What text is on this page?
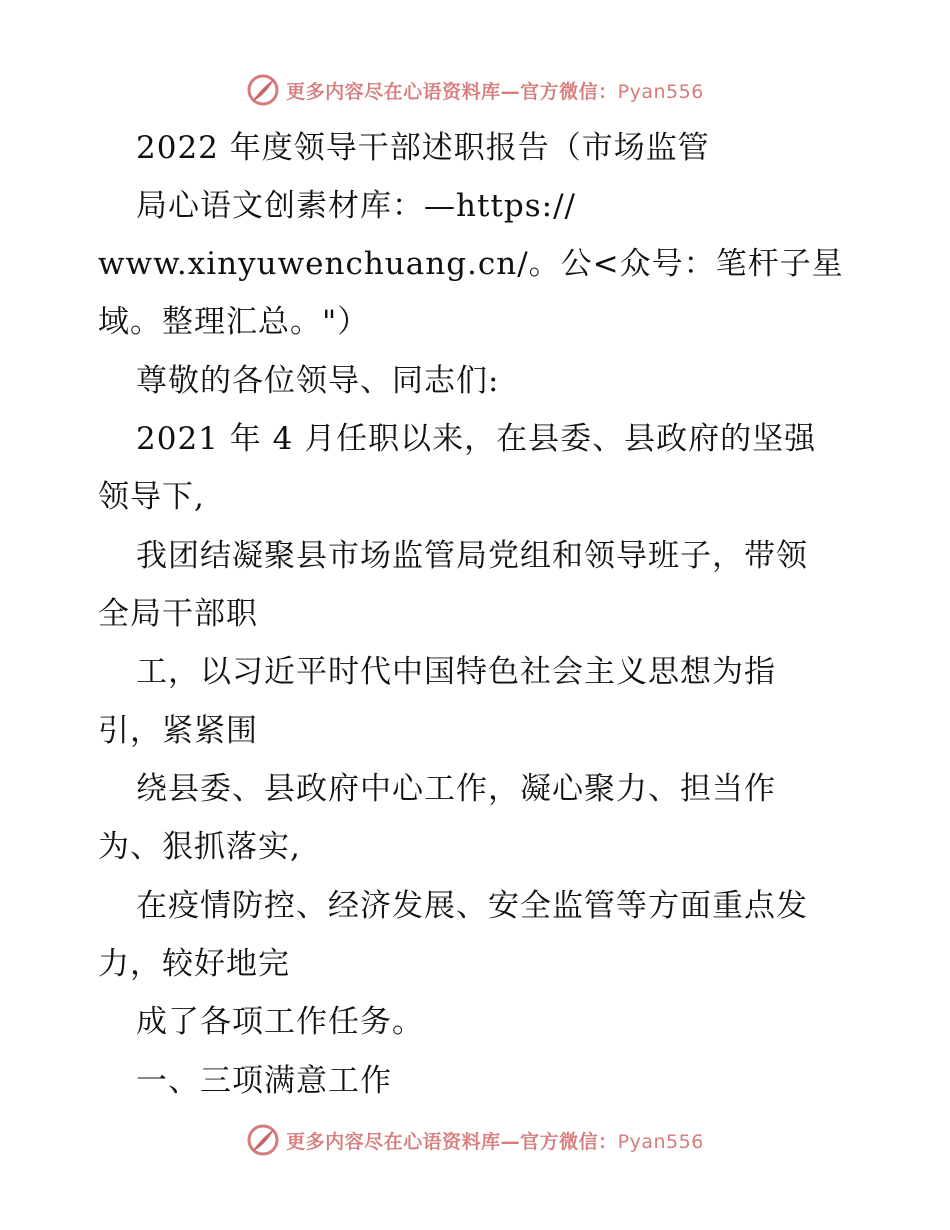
更多内容尽在心语资料库—官方微信：Pyan556
2022 年度领导干部述职报告（市场监管
局心语文创素材库：—https://
www.xinyuwenchuang.cn/。公<众号：笔杆子星
域。整理汇总。"）
尊敬的各位领导、同志们:
2021 年 4 月任职以来，在县委、县政府的坚强
领导下,
我团结凝聚县市场监管局党组和领导班子，带领
全局干部职
工，以习近平时代中国特色社会主义思想为指
引，紧紧围
绕县委、县政府中心工作，凝心聚力、担当作
为、狠抓落实,
在疫情防控、经济发展、安全监管等方面重点发
力，较好地完
成了各项工作任务。
一、三项满意工作
更多内容尽在心语资料库—官方微信：Pyan556
